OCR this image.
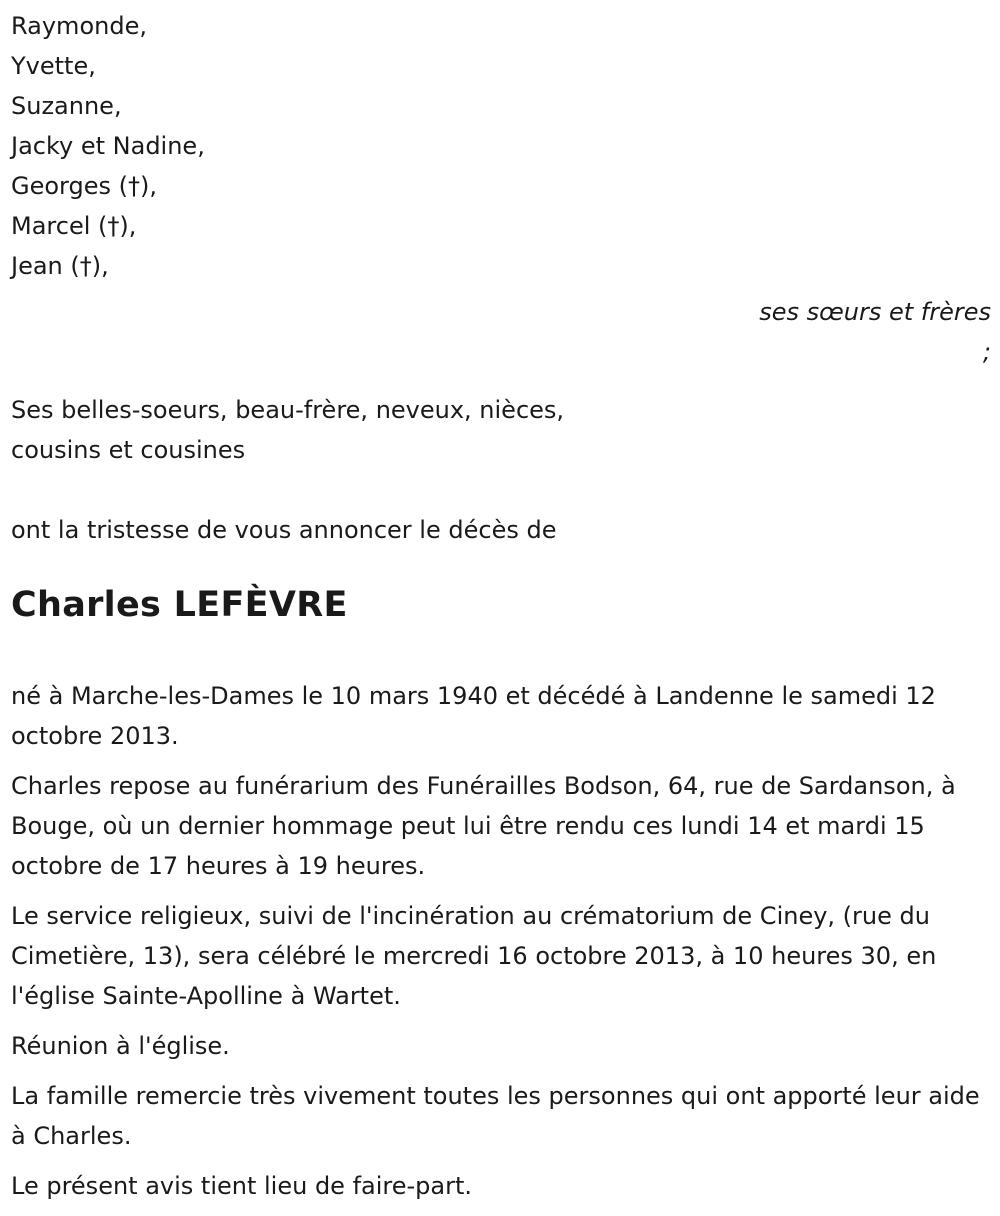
Raymonde,
Yvette,
Suzanne,
Jacky et Nadine,
Georges (†),
Marcel (†),
Jean (†),
ses sœurs et frères
;
Ses belles-soeurs, beau-frère, neveux, nièces,
cousins et cousines
ont la tristesse de vous annoncer le décès de
Charles LEFÈVRE

né à Marche-les-Dames le 10 mars 1940 et décédé à Landenne le samedi 12 octobre 2013.

Charles repose au funérarium des Funérailles Bodson, 64, rue de Sardanson, à Bouge, où un dernier hommage peut lui être rendu ces lundi 14 et mardi 15 octobre de 17 heures à 19 heures.

Le service religieux, suivi de l'incinération au crématorium de Ciney, (rue du Cimetière, 13), sera célébré le mercredi 16 octobre 2013, à 10 heures 30, en l'église Sainte-Apolline à Wartet.

Réunion à l'église.

La famille remercie très vivement toutes les personnes qui ont apporté leur aide à Charles.

Le présent avis tient lieu de faire-part.
